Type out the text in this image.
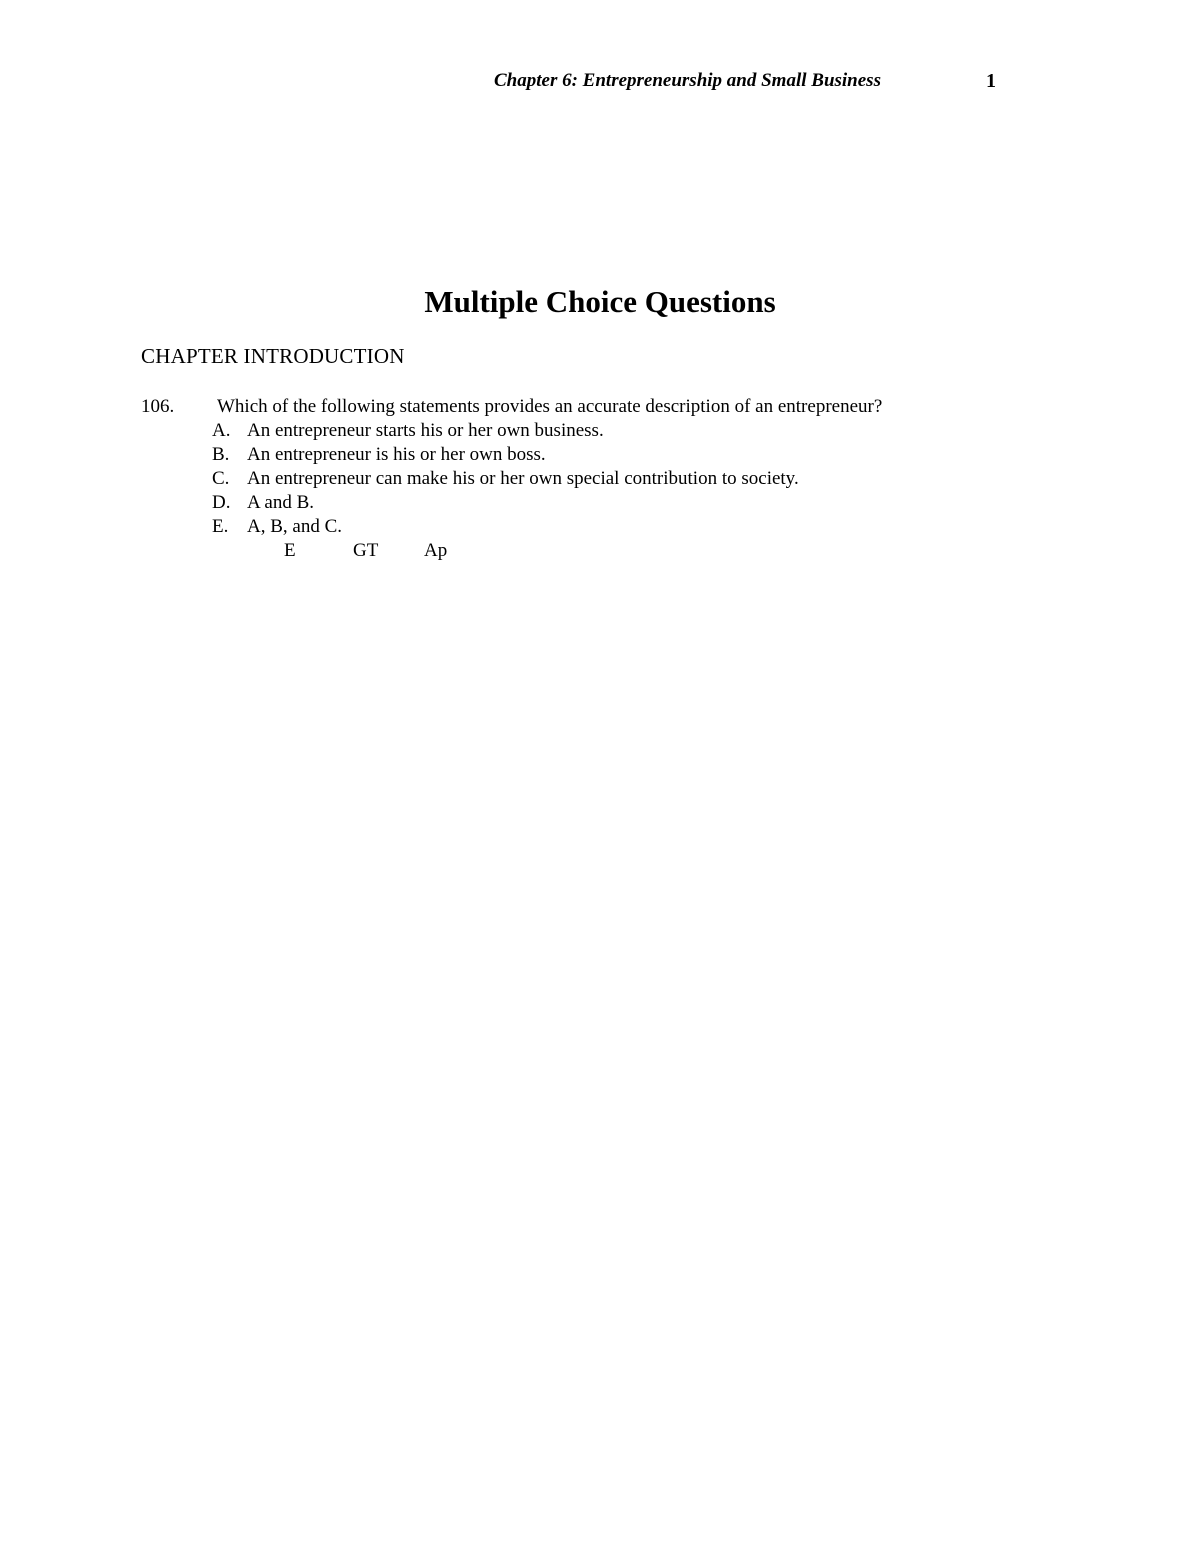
Chapter 6: Entrepreneurship and Small Business	1
Multiple Choice Questions
CHAPTER INTRODUCTION
106. Which of the following statements provides an accurate description of an entrepreneur?
A. An entrepreneur starts his or her own business.
B. An entrepreneur is his or her own boss.
C. An entrepreneur can make his or her own special contribution to society.
D. A and B.
E. A, B, and C.
E	GT Ap
